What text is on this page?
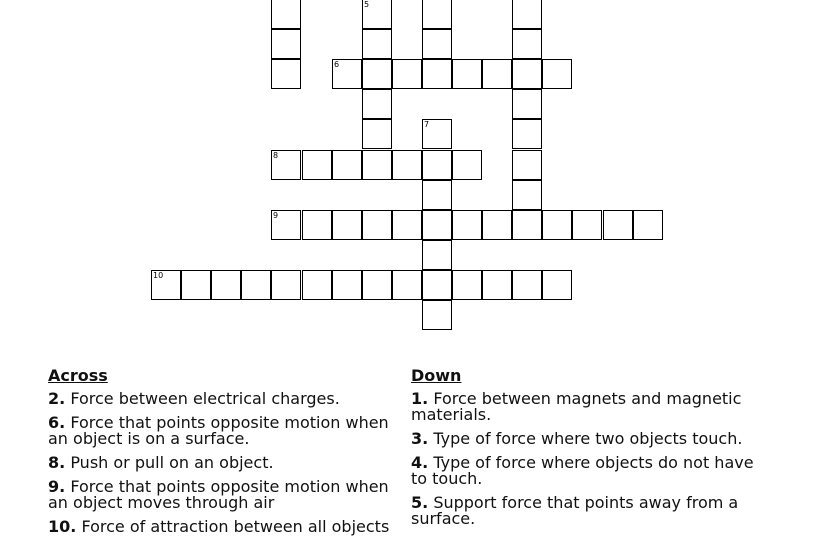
5
6
7
8
9
10
Across
2. Force between electrical charges.
6. Force that points opposite motion when an object is on a surface.
8. Push or pull on an object.
9. Force that points opposite motion when an object moves through air
10. Force of attraction between all objects
Down
1. Force between magnets and magnetic materials.
3. Type of force where two objects touch.
4. Type of force where objects do not have to touch.
5. Support force that points away from a surface.
